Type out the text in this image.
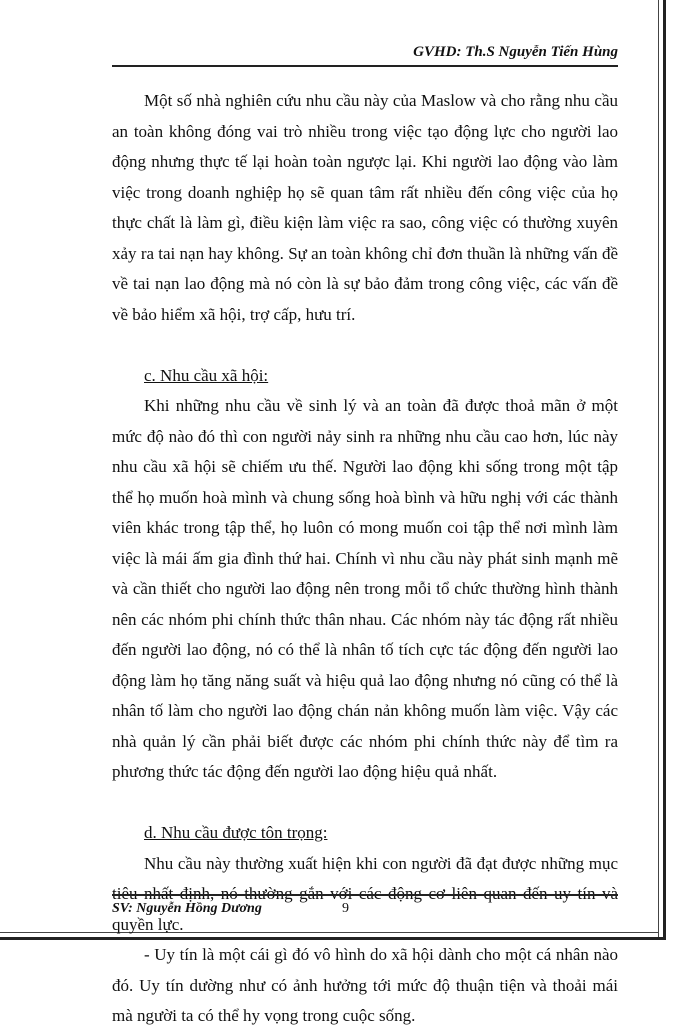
GVHD: Th.S Nguyễn Tiến Hùng

Một số nhà nghiên cứu nhu cầu này của Maslow và cho rằng nhu cầu an toàn không đóng vai trò nhiều trong việc tạo động lực cho người lao động nhưng thực tế lại hoàn toàn ngược lại. Khi người lao động vào làm việc trong doanh nghiệp họ sẽ quan tâm rất nhiều đến công việc của họ thực chất là làm gì, điều kiện làm việc ra sao, công việc có thường xuyên xảy ra tai nạn hay không. Sự an toàn không chỉ đơn thuần là những vấn đề về tai nạn lao động mà nó còn là sự bảo đảm trong công việc, các vấn đề về bảo hiểm xã hội, trợ cấp, hưu trí.

c. Nhu cầu xã hội:

Khi những nhu cầu về sinh lý và an toàn đã được thoả mãn ở một mức độ nào đó thì con người nảy sinh ra những nhu cầu cao hơn, lúc này nhu cầu xã hội sẽ chiếm ưu thế. Người lao động khi sống trong một tập thể họ muốn hoà mình và chung sống hoà bình và hữu nghị với các thành viên khác trong tập thể, họ luôn có mong muốn coi tập thể nơi mình làm việc là mái ấm gia đình thứ hai. Chính vì nhu cầu này phát sinh mạnh mẽ và cần thiết cho người lao động nên trong mỗi tổ chức thường hình thành nên các nhóm phi chính thức thân nhau. Các nhóm này tác động rất nhiều đến người lao động, nó có thể là nhân tố tích cực tác động đến người lao động làm họ tăng năng suất và hiệu quả lao động nhưng nó cũng có thể là nhân tố làm cho người lao động chán nản không muốn làm việc. Vậy các nhà quản lý cần phải biết được các nhóm phi chính thức này để tìm ra phương thức tác động đến người lao động hiệu quả nhất.

d. Nhu cầu được tôn trọng:

Nhu cầu này thường xuất hiện khi con người đã đạt được những mục quyền lực.

- Uy tín là một cái gì đó vô hình do xã hội dành cho một cá nhân nào đó. Uy tín dường như có ảnh hưởng tới mức độ thuận tiện và thoải mái mà người ta có thể hy vọng trong cuộc sống.

SV: Nguyễn Hồng Dương	9
